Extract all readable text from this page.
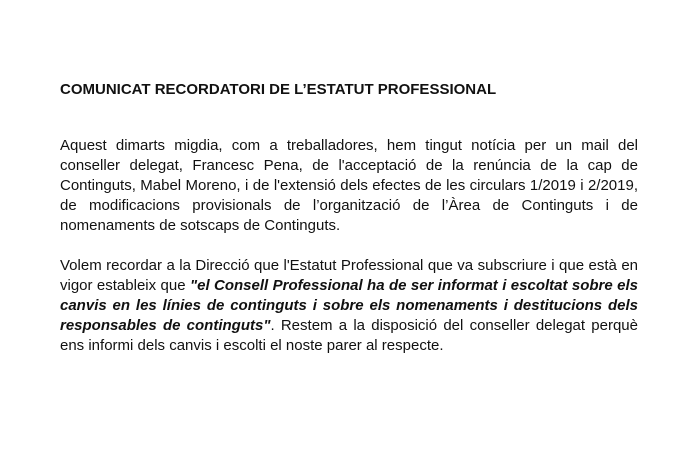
COMUNICAT RECORDATORI DE L’ESTATUT PROFESSIONAL

Aquest dimarts migdia, com a treballadores, hem tingut notícia per un mail del conseller delegat, Francesc Pena, de l'acceptació de la renúncia de la cap de Continguts, Mabel Moreno, i de l'extensió dels efectes de les circulars 1/2019 i 2/2019, de modificacions provisionals de l’organització de l’Àrea de Continguts i de nomenaments de sotscaps de Continguts.

Volem recordar a la Direcció que l'Estatut Professional que va subscriure i que està en vigor estableix que "el Consell Professional ha de ser informat i escoltat sobre els canvis en les línies de continguts i sobre els nomenaments i destitucions dels responsables de continguts". Restem a la disposició del conseller delegat perquè ens informi dels canvis i escolti el noste parer al respecte.
